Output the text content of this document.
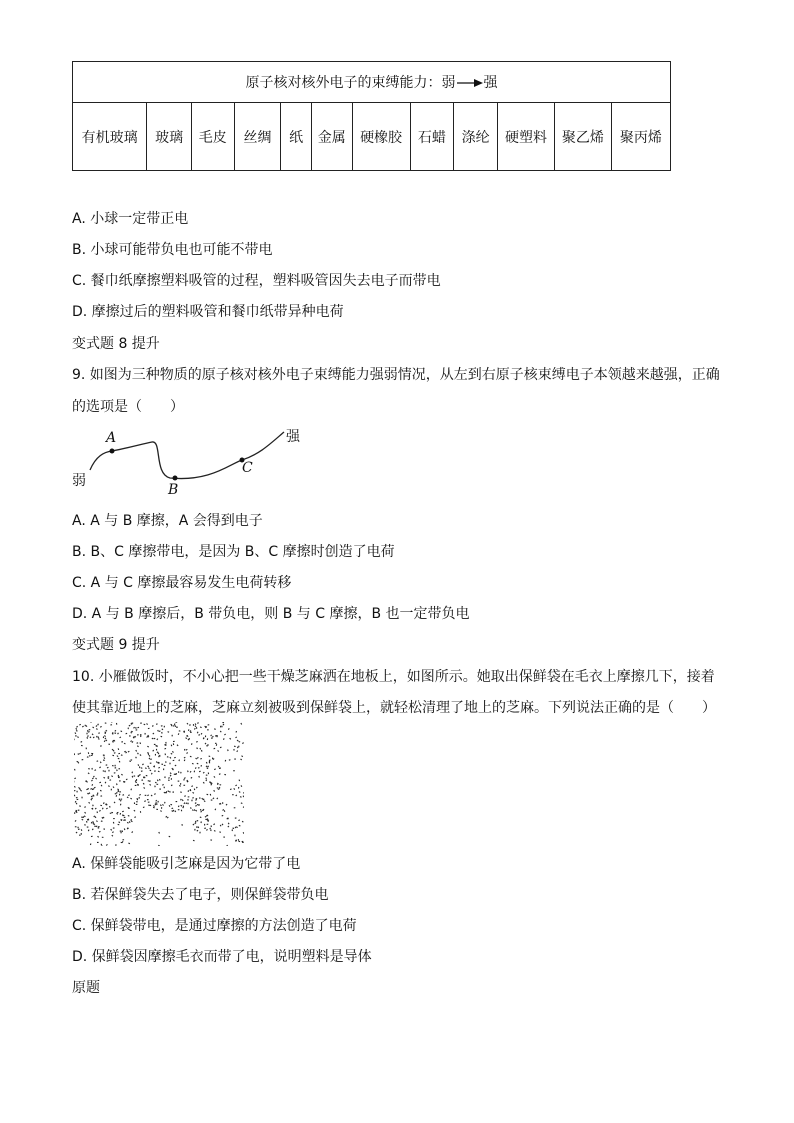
原子核对核外电子的束缚能力：弱 强
有机玻璃	玻璃	毛皮	丝绸	纸	金属	硬橡胶	石蜡	涤纶	硬塑料	聚乙烯	聚丙烯
A. 小球一定带正电
B. 小球可能带负电也可能不带电
C. 餐巾纸摩擦塑料吸管的过程，塑料吸管因失去电子而带电
D. 摩擦过后的塑料吸管和餐巾纸带异种电荷
变式题 8 提升
9. 如图为三种物质的原子核对核外电子束缚能力强弱情况，从左到右原子核束缚电子本领越来越强，正确
的选项是（　　）
弱
强
A
B
C
A. A 与 B 摩擦，A 会得到电子
B. B、C 摩擦带电，是因为 B、C 摩擦时创造了电荷
C. A 与 C 摩擦最容易发生电荷转移
D. A 与 B 摩擦后，B 带负电，则 B 与 C 摩擦，B 也一定带负电
变式题 9 提升
10. 小雁做饭时，不小心把一些干燥芝麻洒在地板上，如图所示。她取出保鲜袋在毛衣上摩擦几下，接着
使其靠近地上的芝麻，芝麻立刻被吸到保鲜袋上，就轻松清理了地上的芝麻。下列说法正确的是（　　）
A. 保鲜袋能吸引芝麻是因为它带了电
B. 若保鲜袋失去了电子，则保鲜袋带负电
C. 保鲜袋带电，是通过摩擦的方法创造了电荷
D. 保鲜袋因摩擦毛衣而带了电，说明塑料是导体
原题
